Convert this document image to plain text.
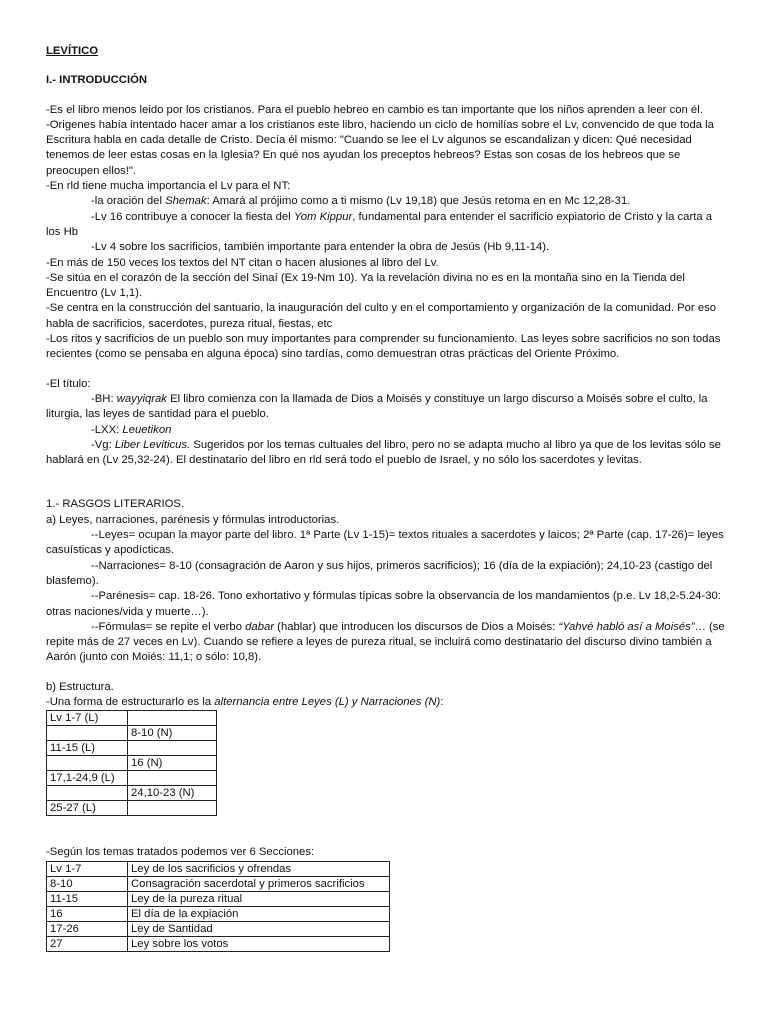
LEVÍTICO

I.- INTRODUCCIÓN

-Es el libro menos leido por los cristianos. Para el pueblo hebreo en cambio es tan importante que los niños aprenden a leer con él.

-Origenes había intentado hacer amar a los cristianos este libro, haciendo un ciclo de homilías sobre el Lv, convencido de que toda la Escritura habla en cada detalle de Cristo. Decía él mismo: "Cuando se lee el Lv algunos se escandalizan y dicen: Qué necesidad tenemos de leer estas cosas en la Iglesia? En qué nos ayudan los preceptos hebreos? Estas son cosas de los hebreos que se preocupen ellos!".

-En rld tiene mucha importancia el Lv para el NT:

-la oración del Shemak: Amará al prójimo como a ti mismo (Lv 19,18) que Jesús retoma en en Mc 12,28-31.

-Lv 16 contribuye a conocer la fiesta del Yom Kippur, fundamental para entender el sacrificio expiatorio de Cristo y la carta a los Hb

-Lv 4 sobre los sacrificios, también importante para entender la obra de Jesús (Hb 9,11-14).

-En más de 150 veces los textos del NT citan o hacen alusiones al libro del Lv.

-Se sitúa en el corazón de la sección del Sinaí (Ex 19-Nm 10). Ya la revelación divina no es en la montaña sino en la Tienda del Encuentro (Lv 1,1).

-Se centra en la construcción del santuario, la inauguración del culto y en el comportamiento y organización de la comunidad. Por eso habla de sacrificios, sacerdotes, pureza ritual, fiestas, etc

-Los ritos y sacrificios de un pueblo son muy importantes para comprender su funcionamiento. Las leyes sobre sacrificios no son todas recientes (como se pensaba en alguna época) sino tardías, como demuestran otras prácticas del Oriente Próximo.

-El título:

-BH: wayyiqrak El libro comienza con la llamada de Dios a Moisés y constituye un largo discurso a Moisés sobre el culto, la liturgia, las leyes de santidad para el pueblo.

-LXX: Leuetikon

-Vg: Liber Leviticus. Sugeridos por los temas cultuales del libro, pero no se adapta mucho al libro ya que de los levitas sólo se hablará en (Lv 25,32-24). El destinatario del libro en rld será todo el pueblo de Israel, y no sólo los sacerdotes y levitas.

1.- RASGOS LITERARIOS.

a) Leyes, narraciones, parénesis y fórmulas introductorias.

--Leyes= ocupan la mayor parte del libro. 1ª Parte (Lv 1-15)= textos rituales a sacerdotes y laicos; 2ª Parte (cap. 17-26)= leyes casuísticas y apodícticas.

--Narraciones= 8-10 (consagración de Aaron y sus hijos, primeros sacrificios); 16 (día de la expiación); 24,10-23 (castigo del blasfemo).

--Parénesis= cap. 18-26. Tono exhortativo y fórmulas típicas sobre la observancia de los mandamientos (p.e. Lv 18,2-5.24-30: otras naciones/vida y muerte…).

--Fórmulas= se repite el verbo dabar (hablar) que introducen los discursos de Dios a Moisés: “Yahvé habló así a Moisés”… (se repite más de 27 veces en Lv). Cuando se refiere a leyes de pureza ritual, se incluirá como destinatario del discurso divino también a Aarón (junto con Moiés: 11,1; o sólo: 10,8).

b) Estructura.

-Una forma de estructurarlo es la alternancia entre Leyes (L) y Narraciones (N):

Lv 1-7 (L)	
	8-10 (N)
11-15 (L)	
	16 (N)
17,1-24,9 (L)	
	24,10-23 (N)
25-27 (L)	

-Según los temas tratados podemos ver 6 Secciones:

Lv 1-7	Ley de los sacrificios y ofrendas
8-10	Consagración sacerdotal y primeros sacrificios
11-15	Ley de la pureza ritual
16	El día de la expiación
17-26	Ley de Santidad
27	Ley sobre los votos
